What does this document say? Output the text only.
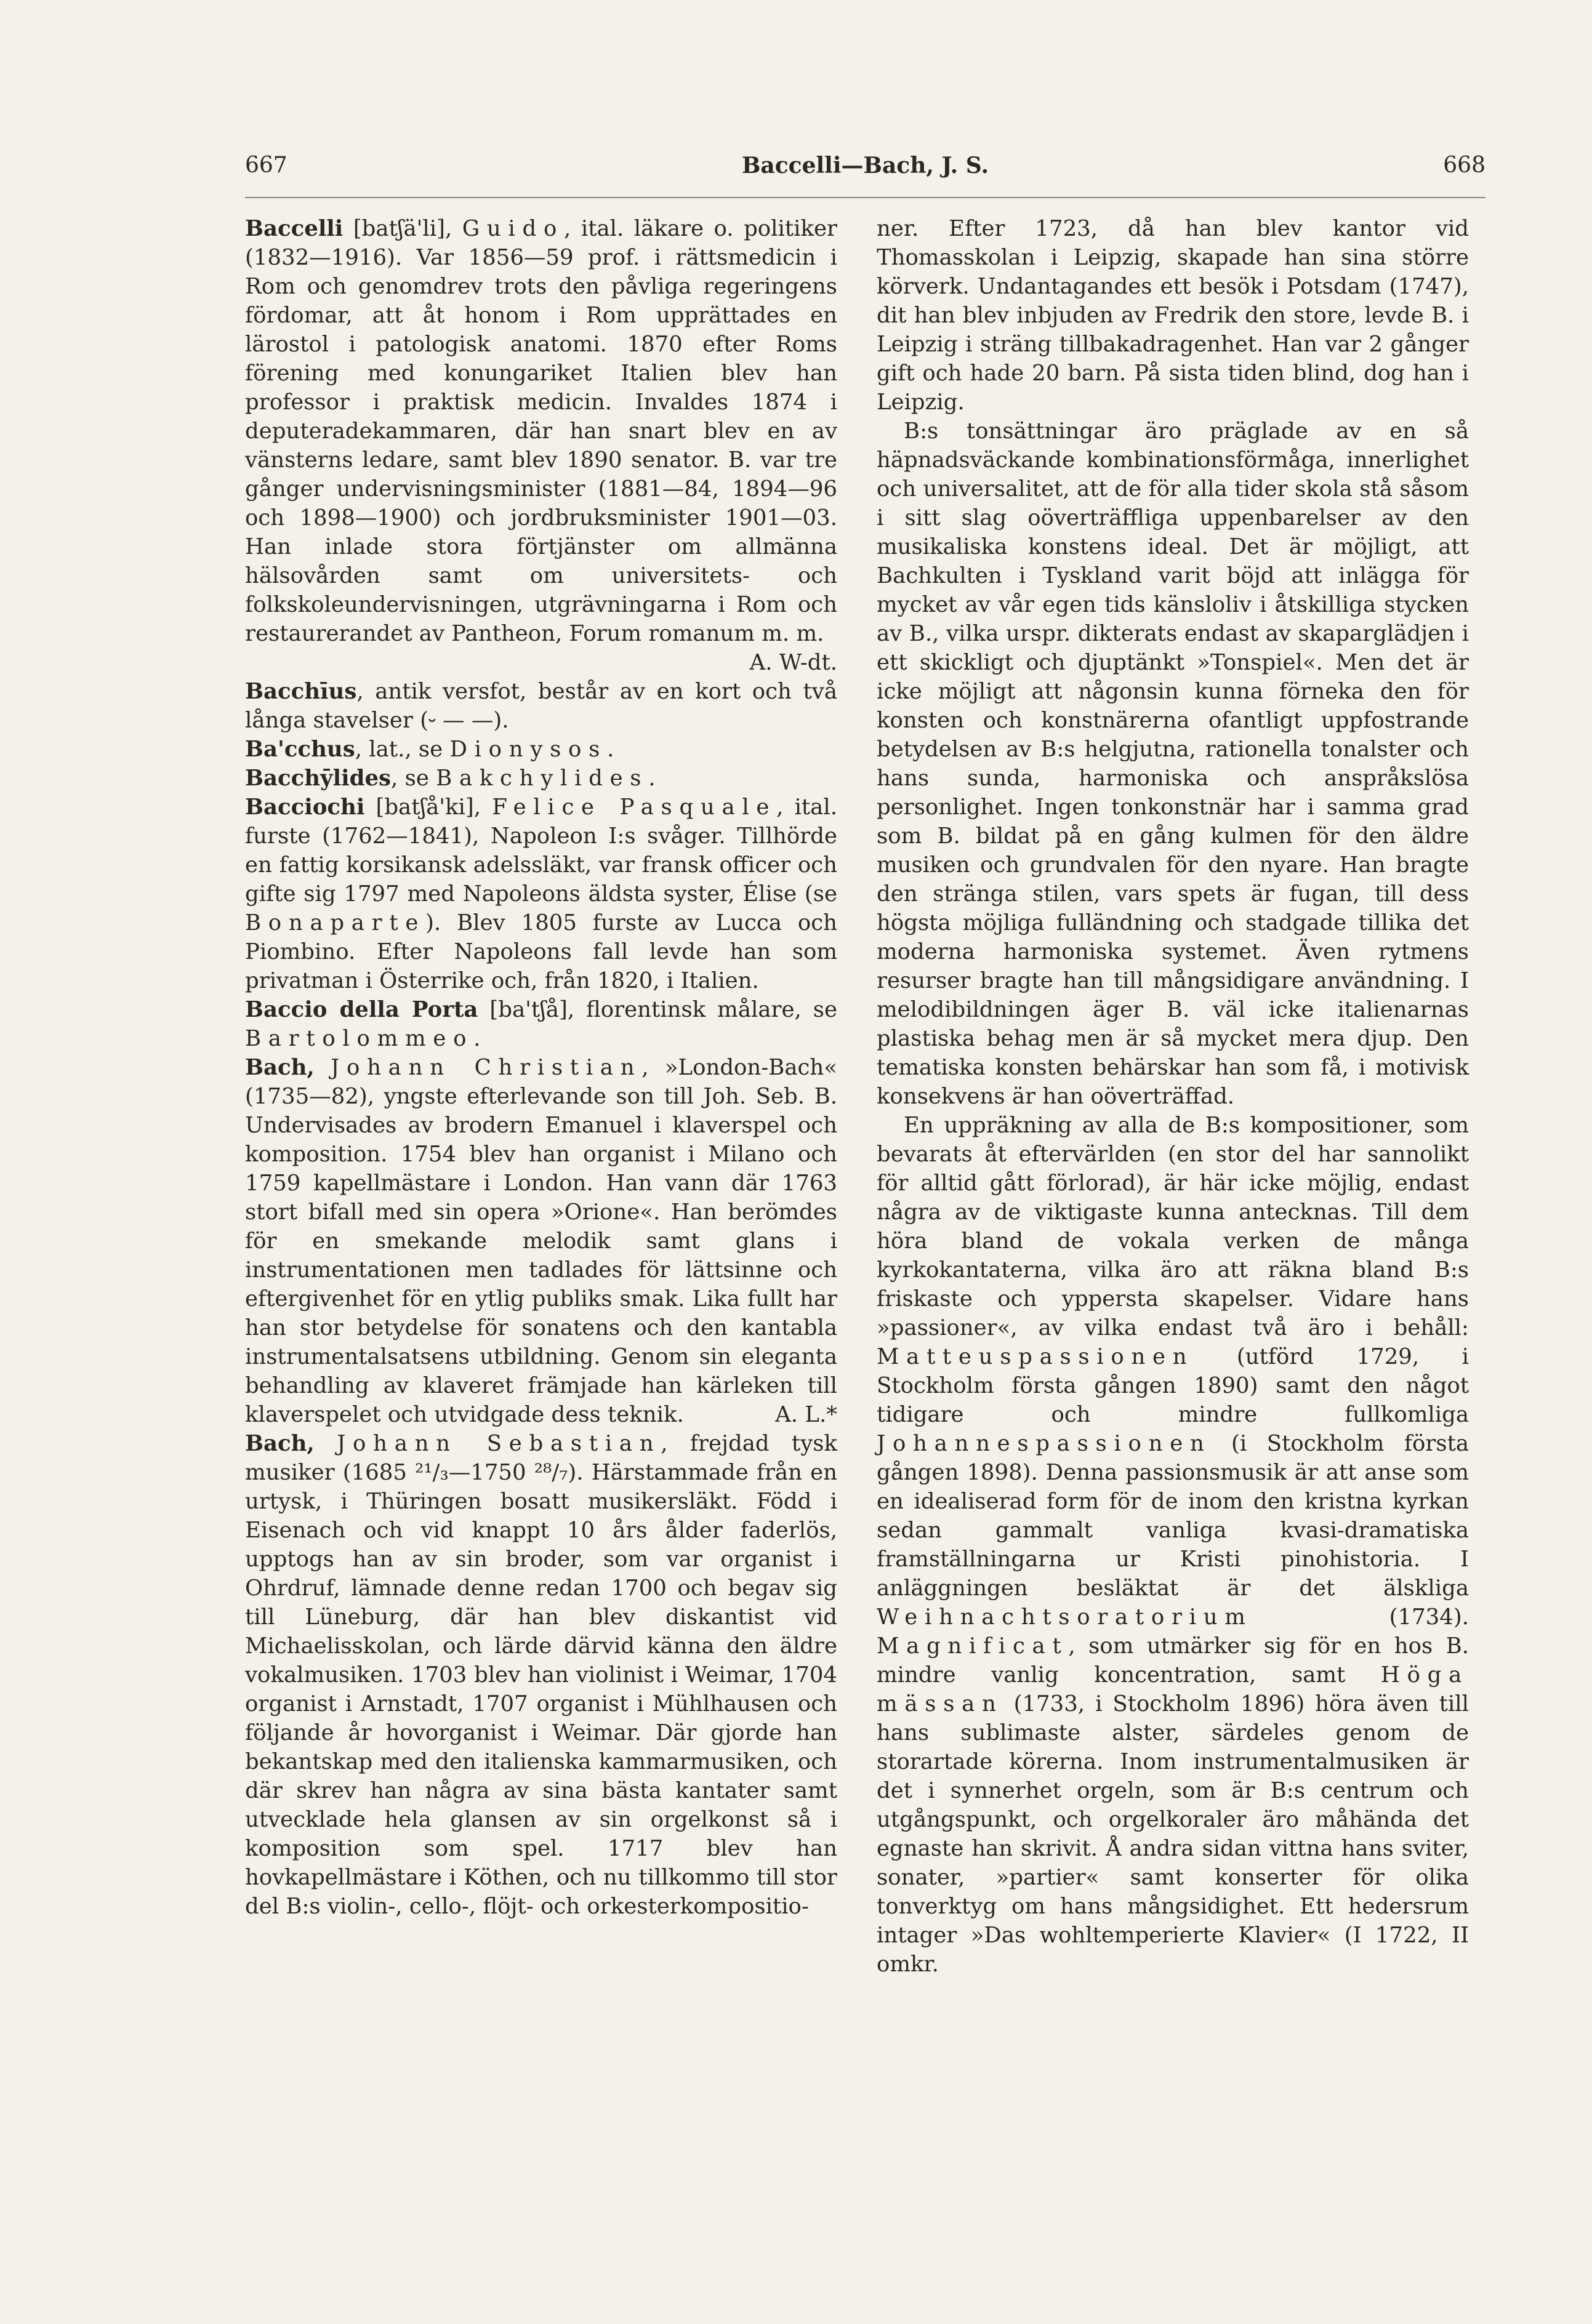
667	Baccelli—Bach, J. S.	668

Baccelli [batʃä'li], Guido, ital. läkare o. politiker (1832—1916). Var 1856—59 prof. i rättsmedicin i Rom och genomdrev trots den påvliga regeringens fördomar, att åt honom i Rom upprättades en lärostol i patologisk anatomi. 1870 efter Roms förening med konungariket Italien blev han professor i praktisk medicin. Invaldes 1874 i deputeradekammaren, där han snart blev en av vänsterns ledare, samt blev 1890 senator. B. var tre gånger undervisningsminister (1881—84, 1894—96 och 1898—1900) och jordbruksminister 1901—03. Han inlade stora förtjänster om allmänna hälsovården samt om universitets- och folkskoleundervisningen, utgrävningarna i Rom och restaurerandet av Pantheon, Forum romanum m. m.
A. W-dt.

Bacchīus, antik versfot, består av en kort och två långa stavelser (⏑ — —).

Ba'cchus, lat., se Dionysos.

Bacchȳlides, se Bakchylides.

Bacciochi [batʃå'ki], Felice Pasquale, ital. furste (1762—1841), Napoleon I:s svåger. Tillhörde en fattig korsikansk adelssläkt, var fransk officer och gifte sig 1797 med Napoleons äldsta syster, Élise (se Bonaparte). Blev 1805 furste av Lucca och Piombino. Efter Napoleons fall levde han som privatman i Österrike och, från 1820, i Italien.

Baccio della Porta [ba'tʃå], florentinsk målare, se Bartolommeo.

Bach, Johann Christian, »London-Bach« (1735—82), yngste efterlevande son till Joh. Seb. B. Undervisades av brodern Emanuel i klaverspel och komposition. 1754 blev han organist i Milano och 1759 kapellmästare i London. Han vann där 1763 stort bifall med sin opera »Orione«. Han berömdes för en smekande melodik samt glans i instrumentationen men tadlades för lättsinne och eftergivenhet för en ytlig publiks smak. Lika fullt har han stor betydelse för sonatens och den kantabla instrumentalsatsens utbildning. Genom sin eleganta behandling av klaveret främjade han kärleken till klaverspelet och utvidgade dess teknik.	A. L.*

Bach, Johann Sebastian, frejdad tysk musiker (1685 ²¹/₃—1750 ²⁸/₇). Härstammade från en urtysk, i Thüringen bosatt musikersläkt. Född i Eisenach och vid knappt 10 års ålder faderlös, upptogs han av sin broder, som var organist i Ohrdruf, lämnade denne redan 1700 och begav sig till Lüneburg, där han blev diskantist vid Michaelisskolan, och lärde därvid känna den äldre vokalmusiken. 1703 blev han violinist i Weimar, 1704 organist i Arnstadt, 1707 organist i Mühlhausen och följande år hovorganist i Weimar. Där gjorde han bekantskap med den italienska kammarmusiken, och där skrev han några av sina bästa kantater samt utvecklade hela glansen av sin orgelkonst så i komposition som spel. 1717 blev han hovkapellmästare i Köthen, och nu tillkommo till stor del B:s violin-, cello-, flöjt- och orkesterkompositio-

ner. Efter 1723, då han blev kantor vid Thomasskolan i Leipzig, skapade han sina större körverk. Undantagandes ett besök i Potsdam (1747), dit han blev inbjuden av Fredrik den store, levde B. i Leipzig i sträng tillbakadragenhet. Han var 2 gånger gift och hade 20 barn. På sista tiden blind, dog han i Leipzig.

B:s tonsättningar äro präglade av en så häpnadsväckande kombinationsförmåga, innerlighet och universalitet, att de för alla tider skola stå såsom i sitt slag oöverträffliga uppenbarelser av den musikaliska konstens ideal. Det är möjligt, att Bachkulten i Tyskland varit böjd att inlägga för mycket av vår egen tids känsloliv i åtskilliga stycken av B., vilka urspr. dikterats endast av skaparglädjen i ett skickligt och djuptänkt »Tonspiel«. Men det är icke möjligt att någonsin kunna förneka den för konsten och konstnärerna ofantligt uppfostrande betydelsen av B:s helgjutna, rationella tonalster och hans sunda, harmoniska och anspråkslösa personlighet. Ingen tonkonstnär har i samma grad som B. bildat på en gång kulmen för den äldre musiken och grundvalen för den nyare. Han bragte den stränga stilen, vars spets är fugan, till dess högsta möjliga fulländning och stadgade tillika det moderna harmoniska systemet. Även rytmens resurser bragte han till mångsidigare användning. I melodibildningen äger B. väl icke italienarnas plastiska behag men är så mycket mera djup. Den tematiska konsten behärskar han som få, i motivisk konsekvens är han oöverträffad.

En uppräkning av alla de B:s kompositioner, som bevarats åt eftervärlden (en stor del har sannolikt för alltid gått förlorad), är här icke möjlig, endast några av de viktigaste kunna antecknas. Till dem höra bland de vokala verken de många kyrkokantaterna, vilka äro att räkna bland B:s friskaste och yppersta skapelser. Vidare hans »passioner«, av vilka endast två äro i behåll: Matteuspassionen (utförd 1729, i Stockholm första gången 1890) samt den något tidigare och mindre fullkomliga Johannespassionen (i Stockholm första gången 1898). Denna passionsmusik är att anse som en idealiserad form för de inom den kristna kyrkan sedan gammalt vanliga kvasi-dramatiska framställningarna ur Kristi pinohistoria. I anläggningen besläktat är det älskliga Weihnachtsoratorium (1734). Magnificat, som utmärker sig för en hos B. mindre vanlig koncentration, samt Höga mässan (1733, i Stockholm 1896) höra även till hans sublimaste alster, särdeles genom de storartade körerna. Inom instrumentalmusiken är det i synnerhet orgeln, som är B:s centrum och utgångspunkt, och orgelkoraler äro måhända det egnaste han skrivit. Å andra sidan vittna hans sviter, sonater, »partier« samt konserter för olika tonverktyg om hans mångsidighet. Ett hedersrum intager »Das wohltemperierte Klavier« (I 1722, II omkr.
